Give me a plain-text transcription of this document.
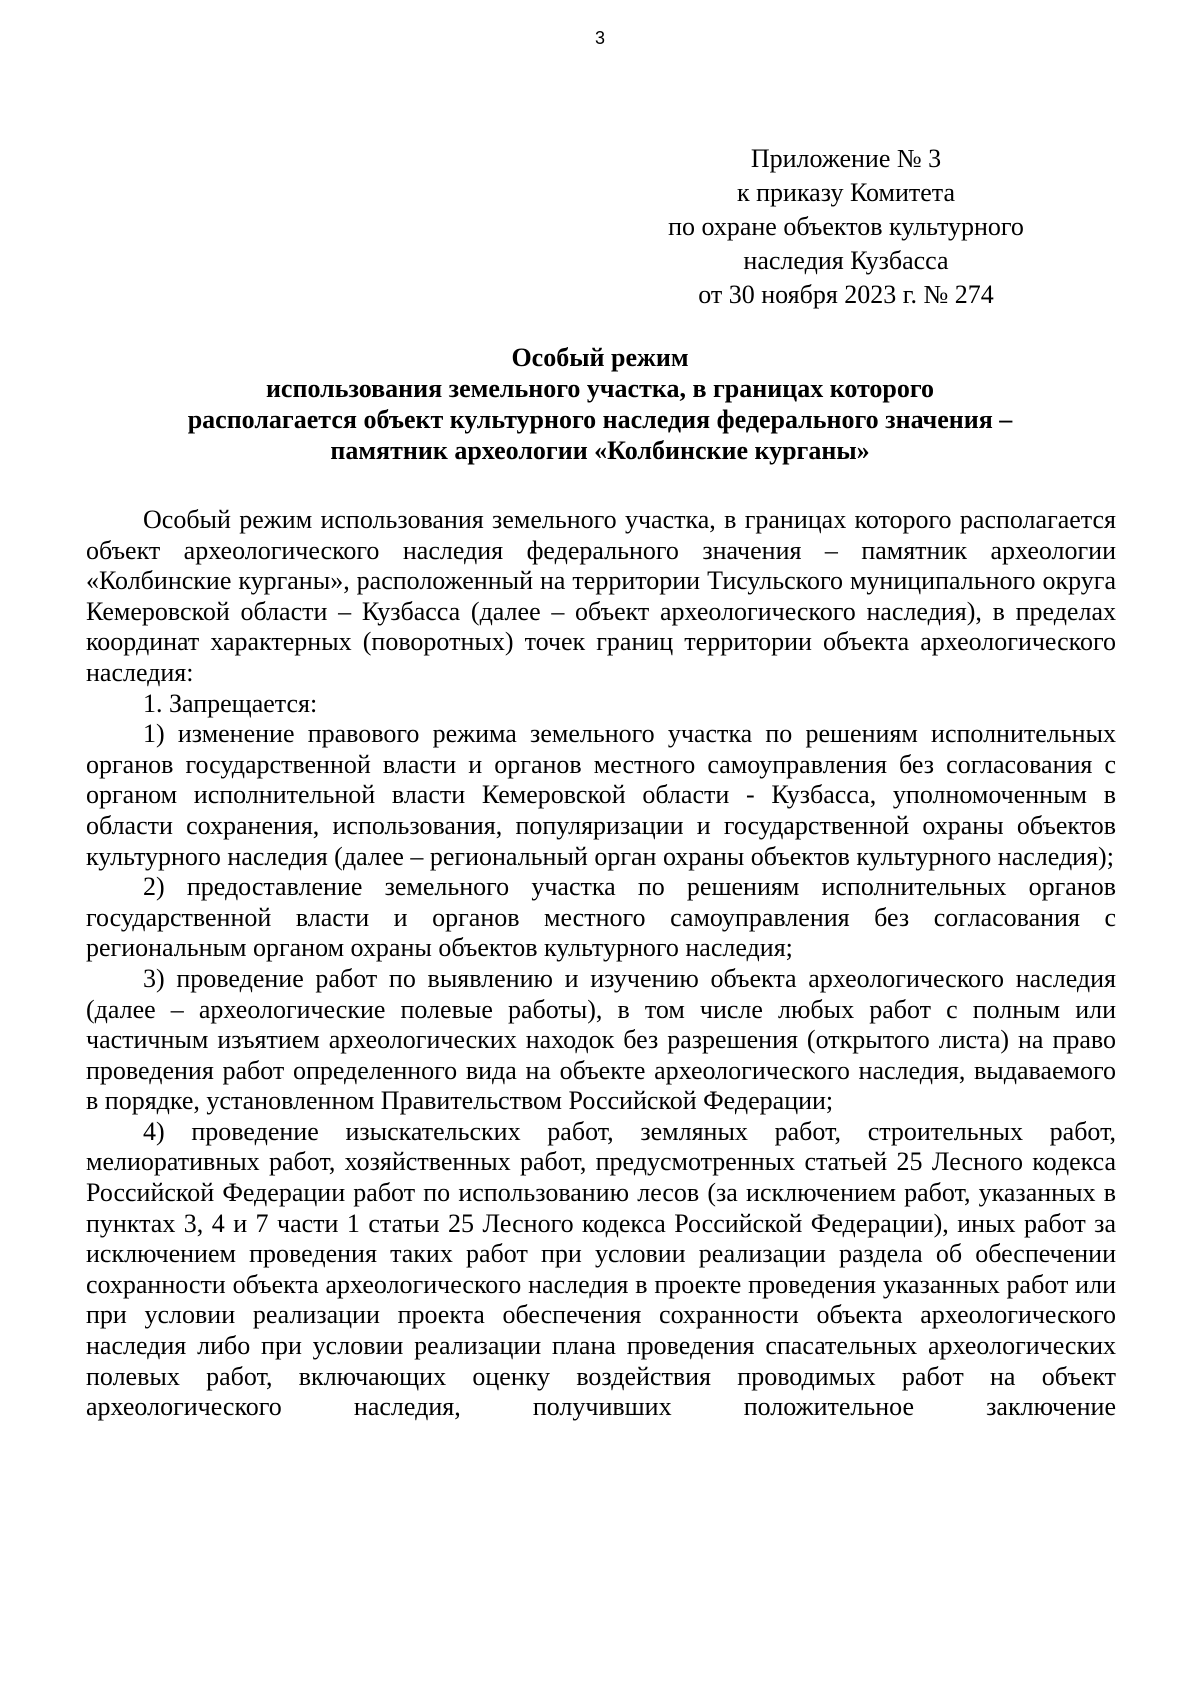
3
Приложение № 3
к приказу Комитета
по охране объектов культурного
наследия Кузбасса
от 30 ноября 2023 г. № 274
Особый режим
использования земельного участка, в границах которого
располагается объект культурного наследия федерального значения –
памятник археологии «Колбинские курганы»

Особый режим использования земельного участка, в границах которого располагается объект археологического наследия федерального значения – памятник археологии «Колбинские курганы», расположенный на территории Тисульского муниципального округа Кемеровской области – Кузбасса (далее – объект археологического наследия), в пределах координат характерных (поворотных) точек границ территории объекта археологического наследия:

1. Запрещается:

1) изменение правового режима земельного участка по решениям исполнительных органов государственной власти и органов местного самоуправления без согласования с органом исполнительной власти Кемеровской области - Кузбасса, уполномоченным в области сохранения, использования, популяризации и государственной охраны объектов культурного наследия (далее – региональный орган охраны объектов культурного наследия);

2) предоставление земельного участка по решениям исполнительных органов государственной власти и органов местного самоуправления без согласования с региональным органом охраны объектов культурного наследия;

3) проведение работ по выявлению и изучению объекта археологического наследия (далее – археологические полевые работы), в том числе любых работ с полным или частичным изъятием археологических находок без разрешения (открытого листа) на право проведения работ определенного вида на объекте археологического наследия, выдаваемого в порядке, установленном Правительством Российской Федерации;

4) проведение изыскательских работ, земляных работ, строительных работ, мелиоративных работ, хозяйственных работ, предусмотренных статьей 25 Лесного кодекса Российской Федерации работ по использованию лесов (за исключением работ, указанных в пунктах 3, 4 и 7 части 1 статьи 25 Лесного кодекса Российской Федерации), иных работ за исключением проведения таких работ при условии реализации раздела об обеспечении сохранности объекта археологического наследия в проекте проведения указанных работ или при условии реализации проекта обеспечения сохранности объекта археологического наследия либо при условии реализации плана проведения спасательных археологических полевых работ, включающих оценку воздействия проводимых работ на объект археологического наследия, получивших положительное заключение
